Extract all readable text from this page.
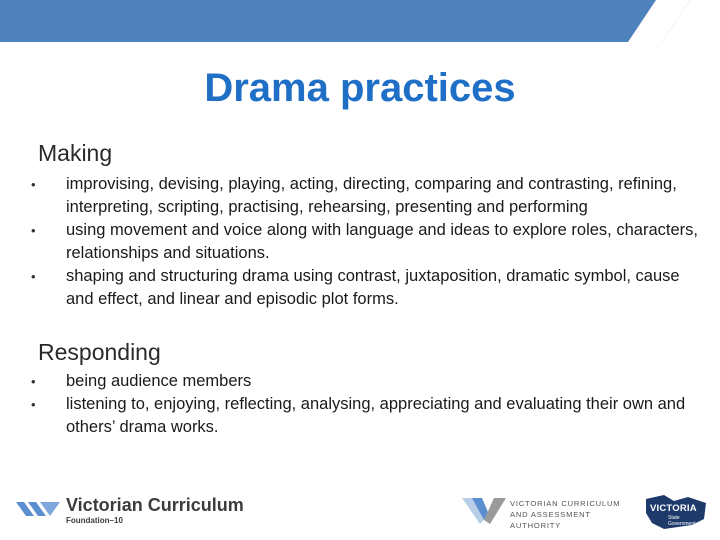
Drama practices
Making
• improvising, devising, playing, acting, directing, comparing and contrasting, refining, interpreting, scripting, practising, rehearsing, presenting and performing
• using movement and voice along with language and ideas to explore roles, characters, relationships and situations.
• shaping and structuring drama using contrast, juxtaposition, dramatic symbol, cause and effect, and linear and episodic plot forms.
Responding
• being audience members
• listening to, enjoying, reflecting, analysing, appreciating and evaluating their own and others’ drama works.
Victorian Curriculum
Foundation–10
VICTORIAN CURRICULUM
AND ASSESSMENT AUTHORITY
VICTORIA
State
Government
